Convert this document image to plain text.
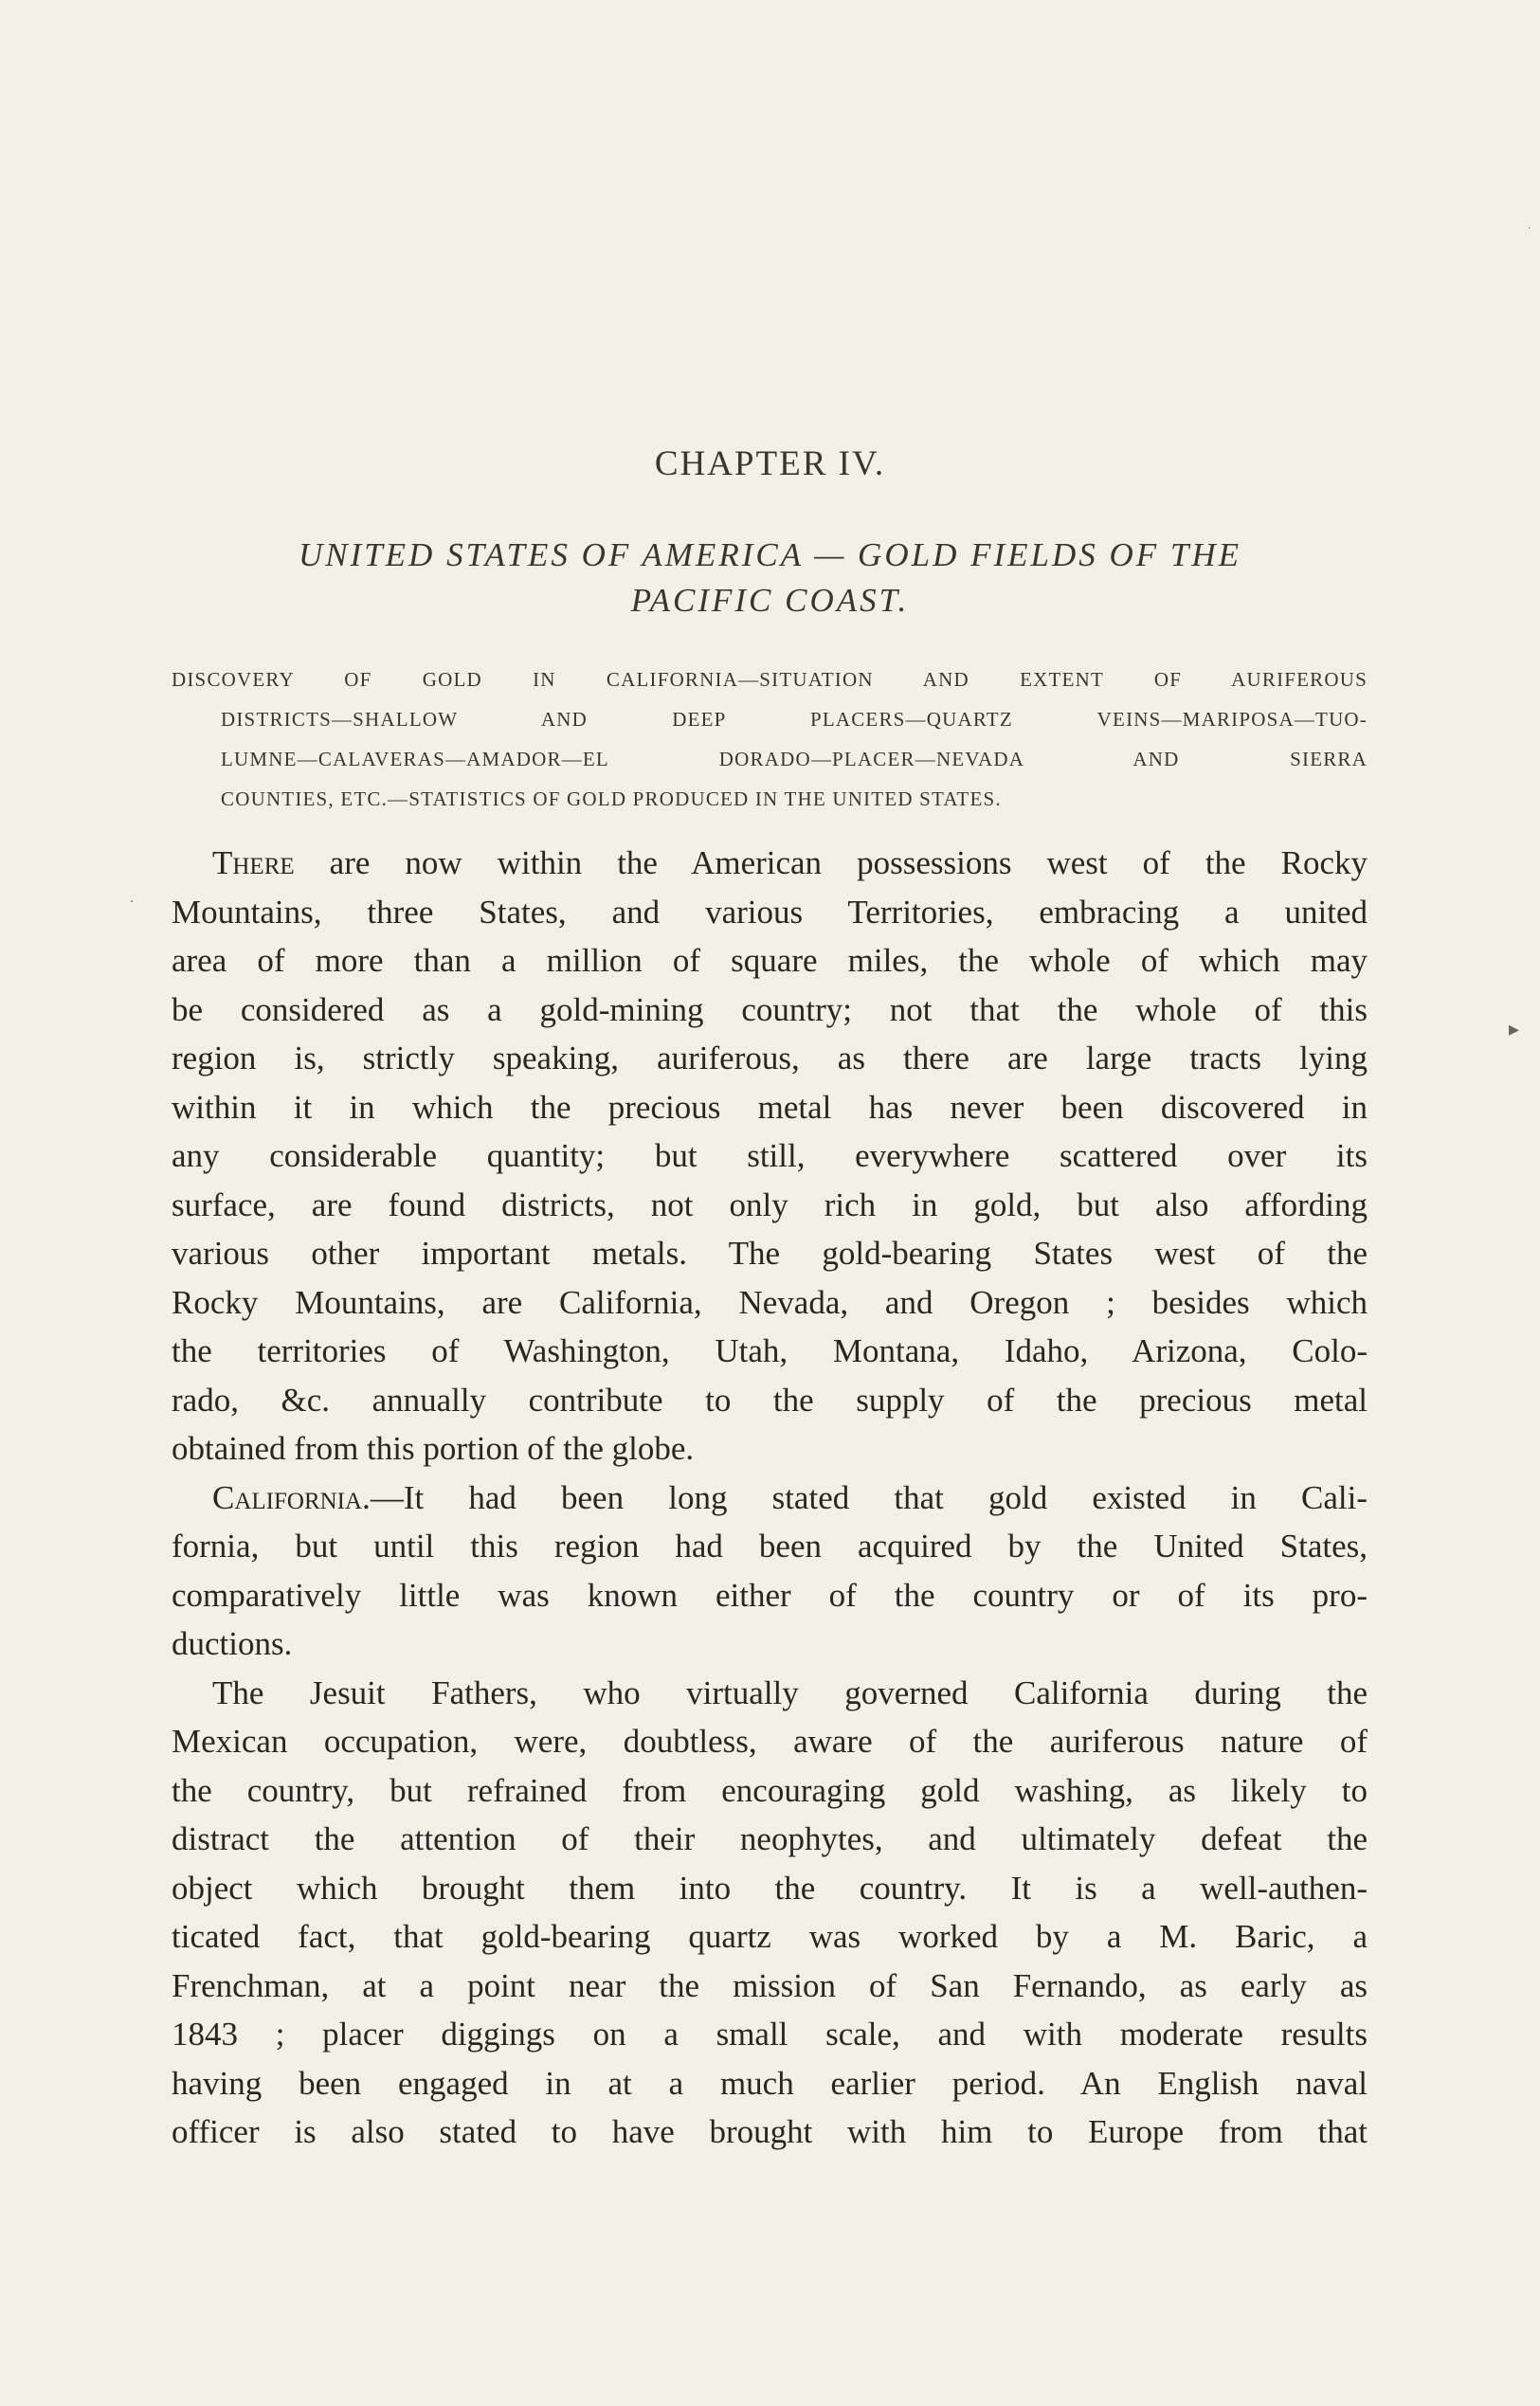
CHAPTER IV.
UNITED STATES OF AMERICA — GOLD FIELDS OF THE
PACIFIC COAST.
DISCOVERY OF GOLD IN CALIFORNIA—SITUATION AND EXTENT OF AURIFEROUS
DISTRICTS—SHALLOW AND DEEP PLACERS—QUARTZ VEINS—MARIPOSA—TUO-
LUMNE—CALAVERAS—AMADOR—EL DORADO—PLACER—NEVADA AND SIERRA
COUNTIES, ETC.—STATISTICS OF GOLD PRODUCED IN THE UNITED STATES.
There are now within the American possessions west of the Rocky
Mountains, three States, and various Territories, embracing a united
area of more than a million of square miles, the whole of which may
be considered as a gold-mining country; not that the whole of this
region is, strictly speaking, auriferous, as there are large tracts lying
within it in which the precious metal has never been discovered in
any considerable quantity; but still, everywhere scattered over its
surface, are found districts, not only rich in gold, but also affording
various other important metals. The gold-bearing States west of the
Rocky Mountains, are California, Nevada, and Oregon ; besides which
the territories of Washington, Utah, Montana, Idaho, Arizona, Colo-
rado, &c. annually contribute to the supply of the precious metal
obtained from this portion of the globe.
California.—It had been long stated that gold existed in Cali-
fornia, but until this region had been acquired by the United States,
comparatively little was known either of the country or of its pro-
ductions.
The Jesuit Fathers, who virtually governed California during the
Mexican occupation, were, doubtless, aware of the auriferous nature of
the country, but refrained from encouraging gold washing, as likely to
distract the attention of their neophytes, and ultimately defeat the
object which brought them into the country. It is a well-authen-
ticated fact, that gold-bearing quartz was worked by a M. Baric, a
Frenchman, at a point near the mission of San Fernando, as early as
1843 ; placer diggings on a small scale, and with moderate results
having been engaged in at a much earlier period. An English naval
officer is also stated to have brought with him to Europe from that
▸
·
·
